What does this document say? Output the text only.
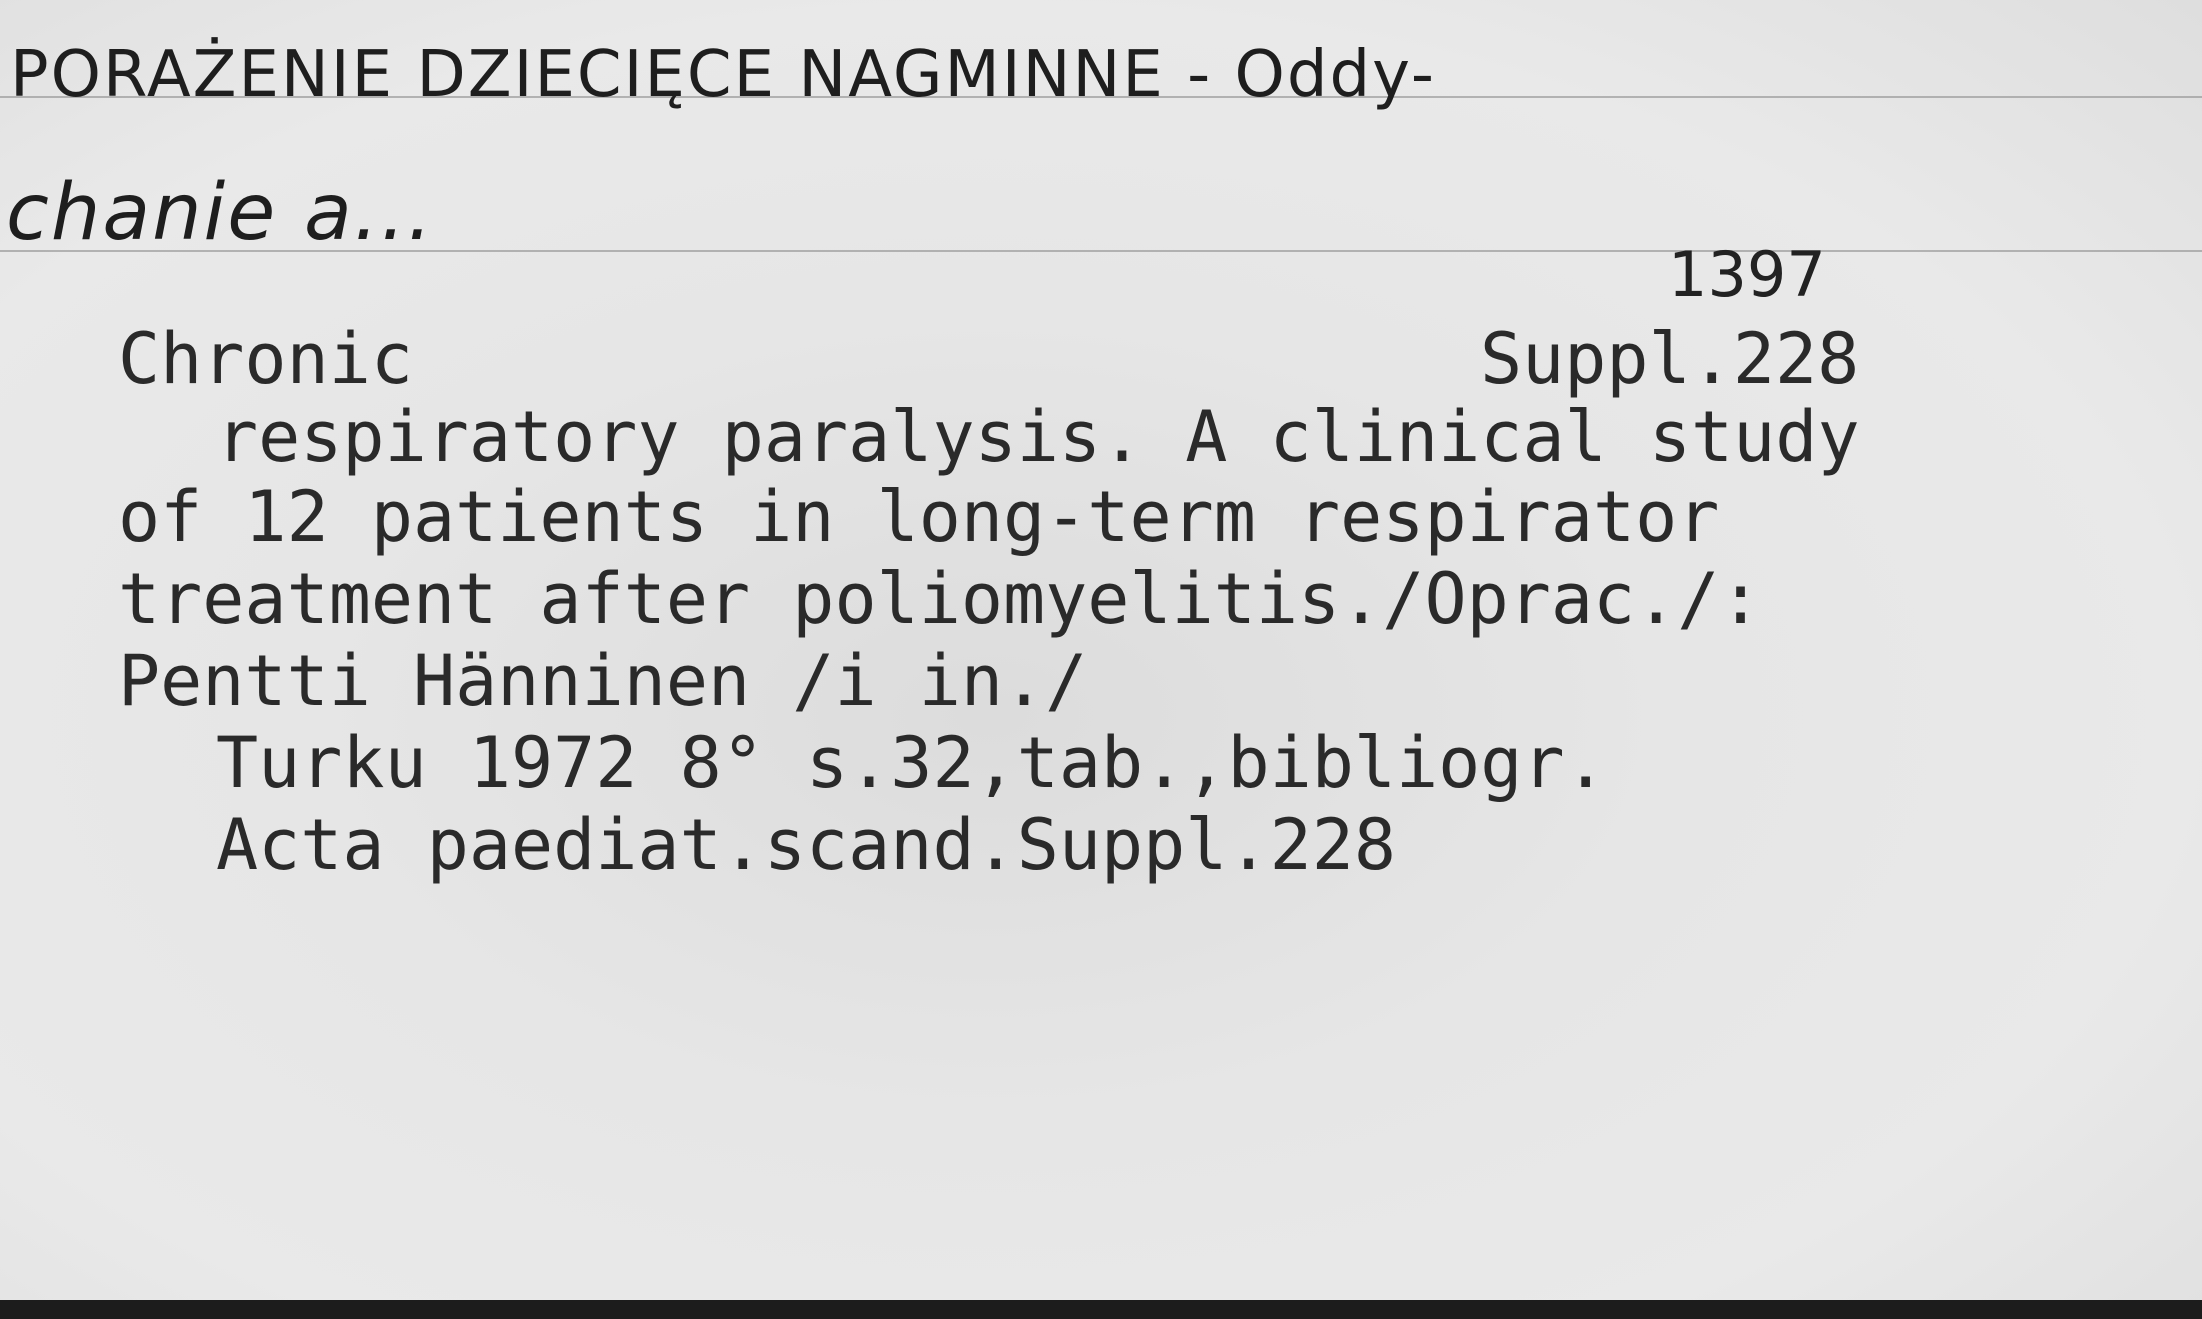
PORAŻENIE DZIECIĘCE NAGMINNE - Oddy-
chanie a...
1397
Chronic	Suppl.228
respiratory paralysis. A clinical study
of 12 patients in long-term respirator
treatment after poliomyelitis./Oprac./:
Pentti Hänninen /i in./
Turku 1972 8° s.32,tab.,bibliogr.
Acta paediat.scand.Suppl.228
